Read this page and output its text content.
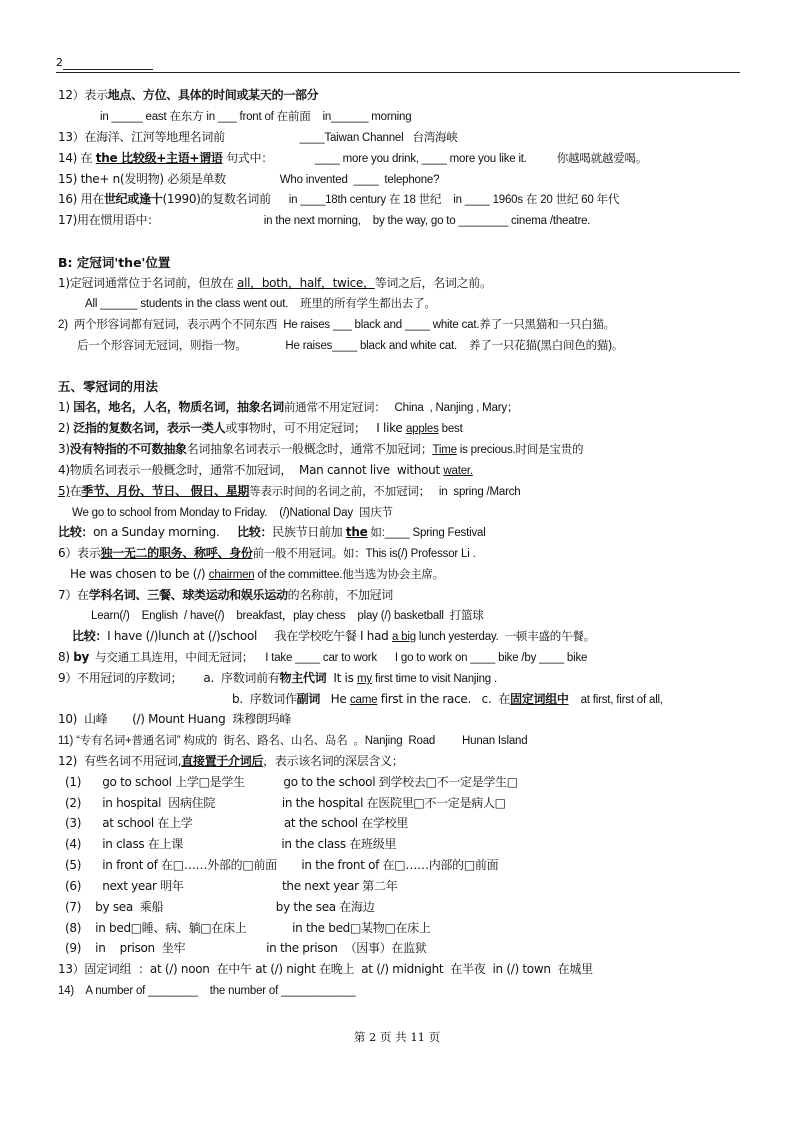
2
12）表示地点、方位、具体的时间或某天的一部分
in _____ east 在东方 in ___ front of 在前面    in______ morning
13）在海洋、江河等地理名词前                         ____Taiwan Channel   台湾海峡
14) 在 the 比较级+主语+谓语 句式中：              ____ more you drink, ____ more you like it.          你越喝就越爱喝。
15) the+ n(发明物) 必须是单数                  Who invented  ____  telephone?
16) 用在世纪或逢十(1990)的复数名词前      in ____18th century 在 18 世纪    in ____ 1960s 在 20 世纪 60 年代
17)用在惯用语中：                                   in the next morning,    by the way, go to ________ cinema /theatre.
B: 定冠词'the'位置
1)定冠词通常位于名词前，但放在 all，both，half，twice，等词之后，名词之前。
All ______ students in the class went out.    班里的所有学生都出去了。
2)  两个形容词都有冠词，表示两个不同东西  He raises ___ black and ____ white cat.养了一只黑猫和一只白猫。
后一个形容词无冠词，则指一物。             He raises____ black and white cat.    养了一只花猫(黑白间色的猫)。
五、零冠词的用法
1) 国名，地名，人名，物质名词，抽象名词前通常不用定冠词：   China  , Nanjing , Mary；
2) 泛指的复数名词，表示一类人或事物时，可不用定冠词；   I like apples best
3)没有特指的不可数抽象名词抽象名词表示一般概念时，通常不加冠词；Time is precious.时间是宝贵的
4)物质名词表示一般概念时，通常不加冠词，  Man cannot live  without water.
5)在季节、月份、节日、 假日、星期等表示时间的名词之前，不加冠词；   in  spring /March
We go to school from Monday to Friday.    (/)National Day  国庆节
比较：on a Sunday morning.     比较：民族节日前加 the 如:____ Spring Festival
6）表示独一无二的职务、称呼、身份前一般不用冠词。如：This is(/) Professor Li .
He was chosen to be (/) chairmen of the committee.他当选为协会主席。
7）在学科名词、三餐、球类运动和娱乐运动的名称前，不加冠词
Learn(/)    English  / have(/)    breakfast，play chess    play (/) basketball  打篮球
比较：I have (/)lunch at (/)school     我在学校吃午餐 I had a big lunch yesterday.  一顿丰盛的午餐。
8) by  与交通工具连用，中间无冠词；    I take ____ car to work      I go to work on ____ bike /by ____ bike
9）不用冠词的序数词；      a.  序数词前有物主代词  It is my first time to visit Nanjing .
b.  序数词作副词   He came first in the race.   c.  在固定词组中    at first, first of all,
10)  山峰       (/) Mount Huang  珠穆朗玛峰
11) “专有名词+普通名词” 构成的  街名、路名、山名、岛名  。Nanjing  Road         Hunan Island
12)  有些名词不用冠词,直接置于介词后，表示该名词的深层含义；
(1)      go to school 上学□是学生           go to the school 到学校去□不一定是学生□
(2)      in hospital  因病住院                   in the hospital 在医院里□不一定是病人□
(3)      at school 在上学                          at the school 在学校里
(4)      in class 在上课                            in the class 在班级里
(5)      in front of 在□……外部的□前面       in the front of 在□……内部的□前面
(6)      next year 明年                            the next year 第二年
(7)    by sea  乘船                                by the sea 在海边
(8)    in bed□睡、病、躺□在床上             in the bed□某物□在床上
(9)    in    prison  坐牢                       in the prison  （因事）在监狱
13）固定词组  ：at (/) noon  在中午 at (/) night 在晚上  at (/) midnight  在半夜  in (/) town  在城里
14)    A number of ________    the number of ____________
第 2 页 共 11 页
